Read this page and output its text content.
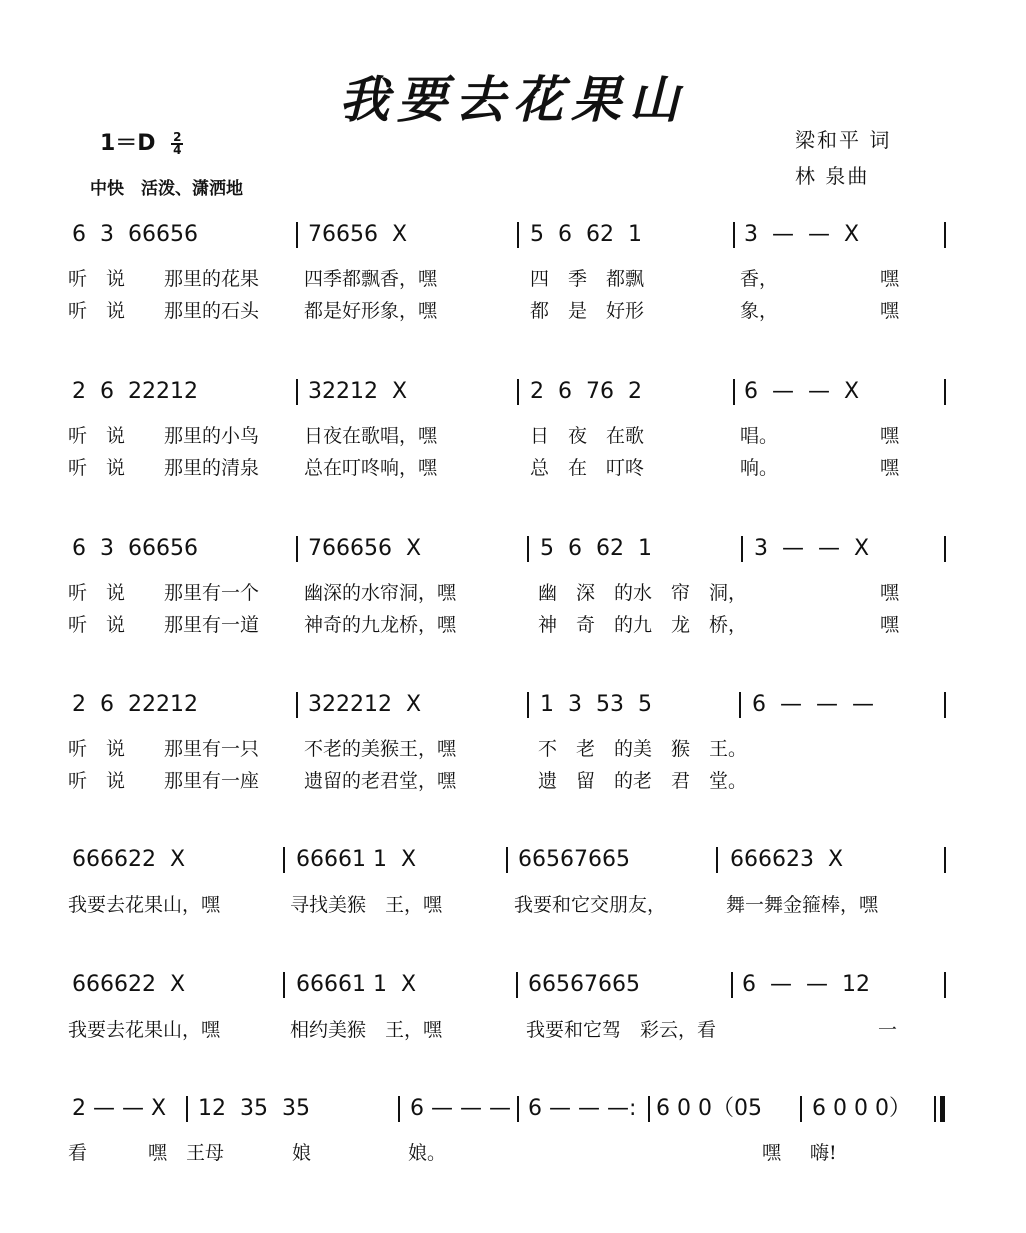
我要去花果山
$1=D \frac{2}{4}$
中快　活泼、潇洒地
梁和平 词
林 泉曲
6  3  66656	76656  X	5  6  62  1	3  —  —  X
听　说 那里的花果 四季都飘香，嘿	四　季　都飘	香，	嘿
听　说 那里的石头 都是好形象，嘿	都　是　好形	象，	嘿
2  6  22212	32212  X	2  6  76  2	6  —  —  X
听　说 那里的小鸟 日夜在歌唱，嘿	日　夜　在歌	唱。	嘿
听　说 那里的清泉 总在叮咚响，嘿	总　在　叮咚	响。	嘿
6  3  66656	766656  X	5  6  62  1	3  —  —  X
听　说 那里有一个 幽深的水帘洞，嘿	幽　深　的水　帘　洞，	嘿
听　说 那里有一道 神奇的九龙桥，嘿	神　奇　的九　龙　桥，	嘿
2  6  22212	322212  X	1  3  53  5	6  —  —  —
听　说 那里有一只 不老的美猴王，嘿	不　老　的美　猴　王。
听　说 那里有一座 遗留的老君堂，嘿	遗　留　的老　君　堂。
666622  X	66661 1  X	66567665	666623  X
我要去花果山，嘿	寻找美猴　王，嘿	我要和它交朋友，	舞一舞金箍棒，嘿
666622  X	66661 1  X	66567665	6  —  —  12
我要去花果山，嘿	相约美猴　王，嘿	我要和它驾　彩云，看	一
2 — — X 12  35  35	6 — — — 6 — — —: 6 0 0（05 6 0 0 0）
看	嘿　王母	娘	娘。	嘿 嗨!
